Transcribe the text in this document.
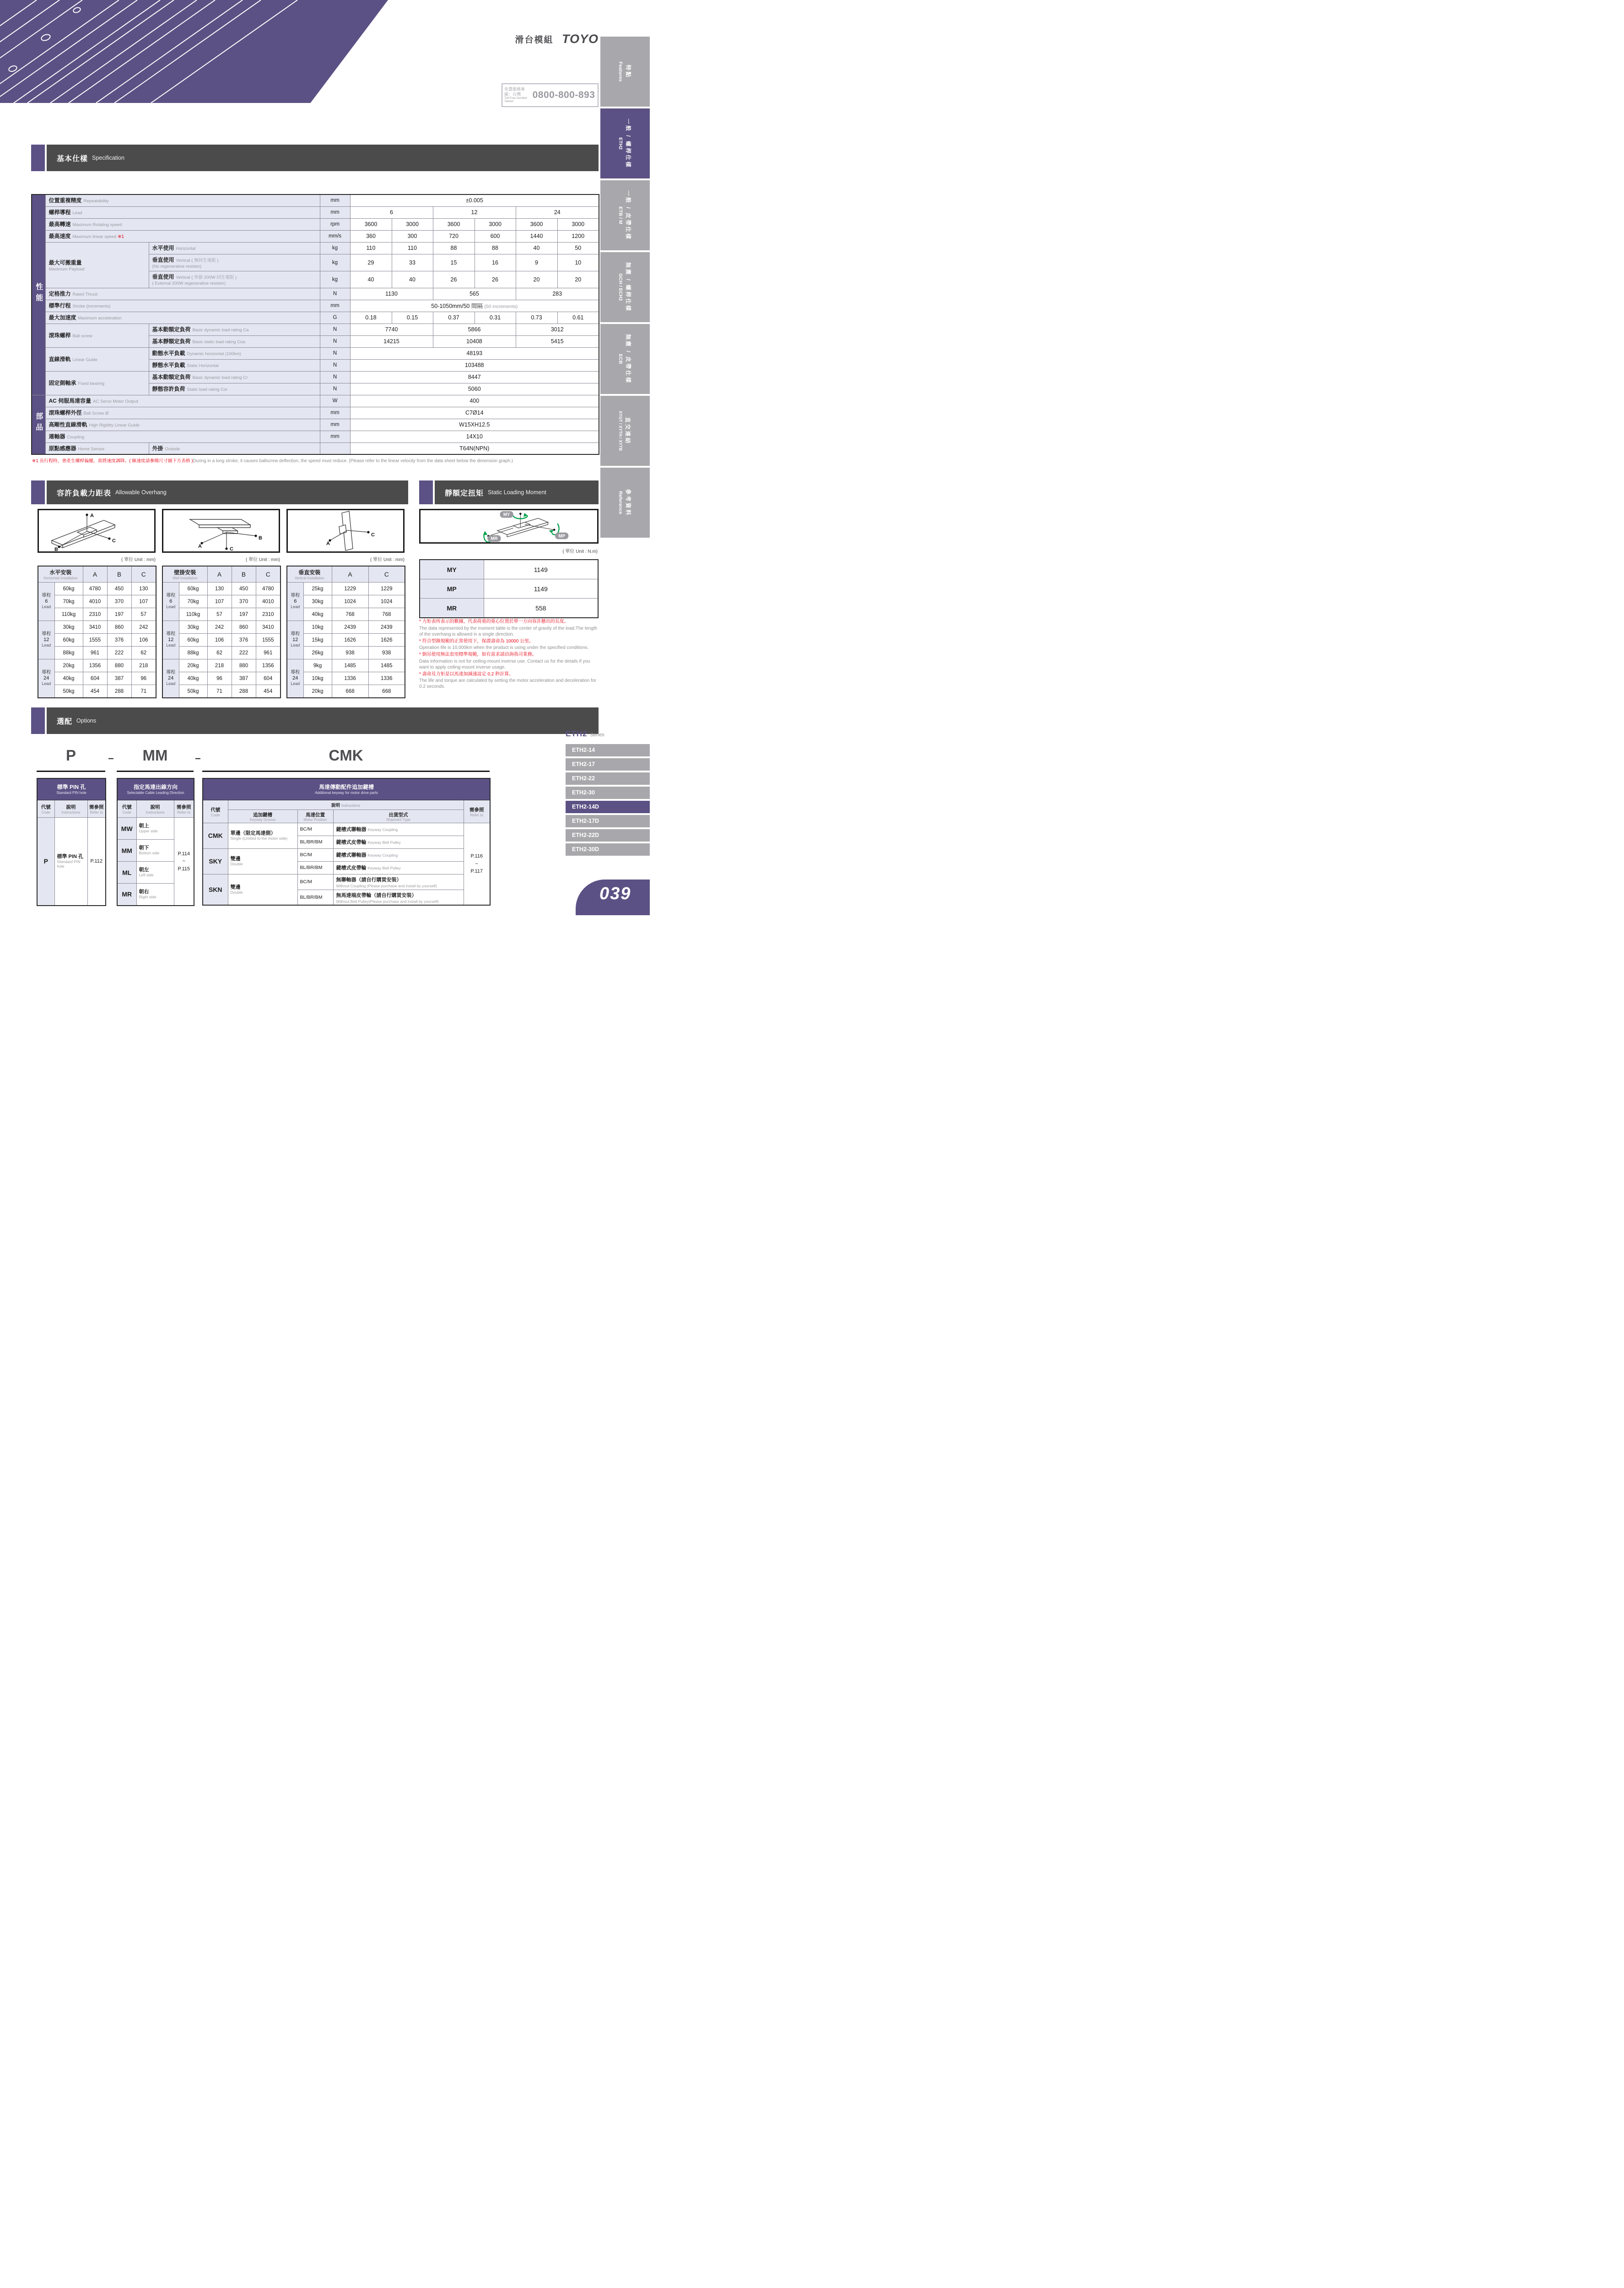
滑台模組 TOYO
免費服務專線：台灣
Toll-Free Number Taiwan
0800-800-893
特點
Features
一般 / 螺桿仕樣
ETH2
一般 / 皮帶仕樣
ETB / M
無塵 / 螺桿仕樣
GCH / ECH2
無塵 / 皮帶仕樣
ECB
直交連結
XYGT / XYTH / XYTB
參考資料
Reference
基本仕樣 Specification
性能	位置重複精度 Repeatability		mm	±0.005					
	螺桿導程 Lead		mm	6		12		24	
	最高轉速 Maximum Rotating speed		rpm	3600	3000	3600	3000	3600	3000
	最高速度 Maximum linear speed ※1		mm/s	360	300	720	600	1440	1200
	最大可搬重量
Maximum Payload	水平使用 Horizontal	kg	110	110	88	88	40	50
		垂直使用 Vertical ( 無回生電阻 )
(No regenerative resistor)	kg	29	33	15	16	9	10
		垂直使用 Vertical ( 外掛 200W 回生電阻 )
( External 200W regenerative resistor)	kg	40	40	26	26	20	20
	定格推力 Rated Thrust		N	1130		565		283	
	標準行程 Stroke (increments)		mm	50-1050mm/50 間隔 (50 increments)					
	最大加速度 Maximum acceleration		G	0.18	0.15	0.37	0.31	0.73	0.61
	滾珠螺桿 Ball screw	基本動額定負荷 Basic dynamic load rating Ca	N	7740		5866		3012	
		基本靜額定負荷 Basic static load rating Coa	N	14215		10408		5415	
	直線滑軌 Linear Guide	動態水平負載 Dynamic horizontal (100km)	N	48193					
		靜態水平負載 Static Horizontal	N	103488					
	固定側軸承 Fixed bearing	基本動額定負荷 Basic dynamic load rating Cr	N	8447					
		靜態容許負荷 Static load rating Cor	N	5060					
部品	AC 伺服馬達容量 AC Servo Motor Output		W	400					
	滾珠螺桿外徑 Ball Screw Ø		mm	C7Ø14					
	高剛性直線滑軌 High Rigidity Linear Guide		mm	W15XH12.5					
	連軸器 Coupling		mm	14X10					
	原點感應器 Home Sensor	外掛 Outside		T64N(NPN)					
※1 長行程時，會產生螺桿偏擺，需將速度調降。( 線速度請參閱尺寸圖下方表格 )During in a long stroke, it causes ballscrew deflection, the speed must reduce. (Please refer to the linear velocity from the data sheet below the dimension graph.)
容許負載力距表 Allowable Overhang	靜額定扭矩 Static Loading Moment
A
B
C
A
B
C
A
C
MY
MP
MR
( 單位 Unit : mm)	( 單位 Unit : mm)	( 單位 Unit : mm)
( 單位 Unit : N.m)
水平安裝
Horizontal Installation		A	B	C
導程
6
Lead	60kg	4780	450	130
	70kg	4010	370	107
	110kg	2310	197	57
導程
12
Lead	30kg	3410	860	242
	60kg	1555	376	106
	88kg	961	222	62
導程
24
Lead	20kg	1356	880	218
	40kg	604	387	96
	50kg	454	288	71
壁掛安裝
Wall Installation		A	B	C
導程
6
Lead	60kg	130	450	4780
	70kg	107	370	4010
	110kg	57	197	2310
導程
12
Lead	30kg	242	860	3410
	60kg	106	376	1555
	88kg	62	222	961
導程
24
Lead	20kg	218	880	1356
	40kg	96	387	604
	50kg	71	288	454
垂直安裝
Vertical Installation		A	C
導程
6
Lead	25kg	1229	1229
	30kg	1024	1024
	40kg	768	768
導程
12
Lead	10kg	2439	2439
	15kg	1626	1626
	26kg	938	938
導程
24
Lead	9kg	1485	1485
	10kg	1336	1336
	20kg	668	668
MY	1149
MP	1149
MR	558
* 力矩表所表示的數據，代表荷重的重心位置於單一方向容許懸出的長度。
The data represented by the moment table is the center of gravity of the load.The length of the overhang is allowed in a single direction.
* 符合型錄規範的正常使用下，保證壽命為 10000 公里。
Operation life is 10,000km when the product is using under the specified conditions.
* 倒吊使用無法套用標準規範，如有需求請洽詢我司業務。
Data information is not for ceiling-mount inverse use. Contact us for the details if you want to apply ceiling-mount inverse usage.
* 壽命及力矩是以馬達加減速設定 0.2 秒計算。
The life and torque are calculated by setting the motor acceleration and deceleration for 0.2 seconds.
選配 Options
P	–	MM	–	CMK
標準 PIN 孔
Standard PIN hole		

代號
Code	說明
Instructions	需參照
Refer to

P	標準 PIN 孔
Standard PIN hole	P.112
指定馬達出線方向
Selectable Cable Leading Direction		

代號
Code	說明
Instructions	需參照
Refer to

MW	朝上
Upper side	P.114
~
P.115
MM	朝下
Bottom side	

ML	朝左
Left side	

MR	朝右
Right side	
馬達傳動配件追加鍵槽
Additional keyway for motor drive parts				

代號
Code	說明 Instructions			需參照
Refer to

	追加鍵槽
Keyway Groove	馬達位置
Motor Position	出貨型式
Shipment Type	

CMK	單邊（限定馬達側）
Single (Limited to the motor side)	BC/M	鍵槽式聯軸器 Keyway Coupling	P.116
~
P.117
		BL/BR/BM	鍵槽式皮帶輪 Keyway Belt Pulley	
SKY	雙邊
Double	BC/M	鍵槽式聯軸器 Keyway Coupling	
		BL/BR/BM	鍵槽式皮帶輪 Keyway Belt Pulley	
SKN	雙邊
Double	BC/M	無聯軸器（請自行購買安裝）
Without Coupling (Please purchase and install by yourself)	

		BL/BR/BM	無馬達端皮帶輪（請自行購買安裝）
Without Belt Pulley(Please purchase and install by yourself)	
ETH2 Series
ETH2-14
ETH2-17
ETH2-22
ETH2-30
ETH2-14D
ETH2-17D
ETH2-22D
ETH2-30D
039
